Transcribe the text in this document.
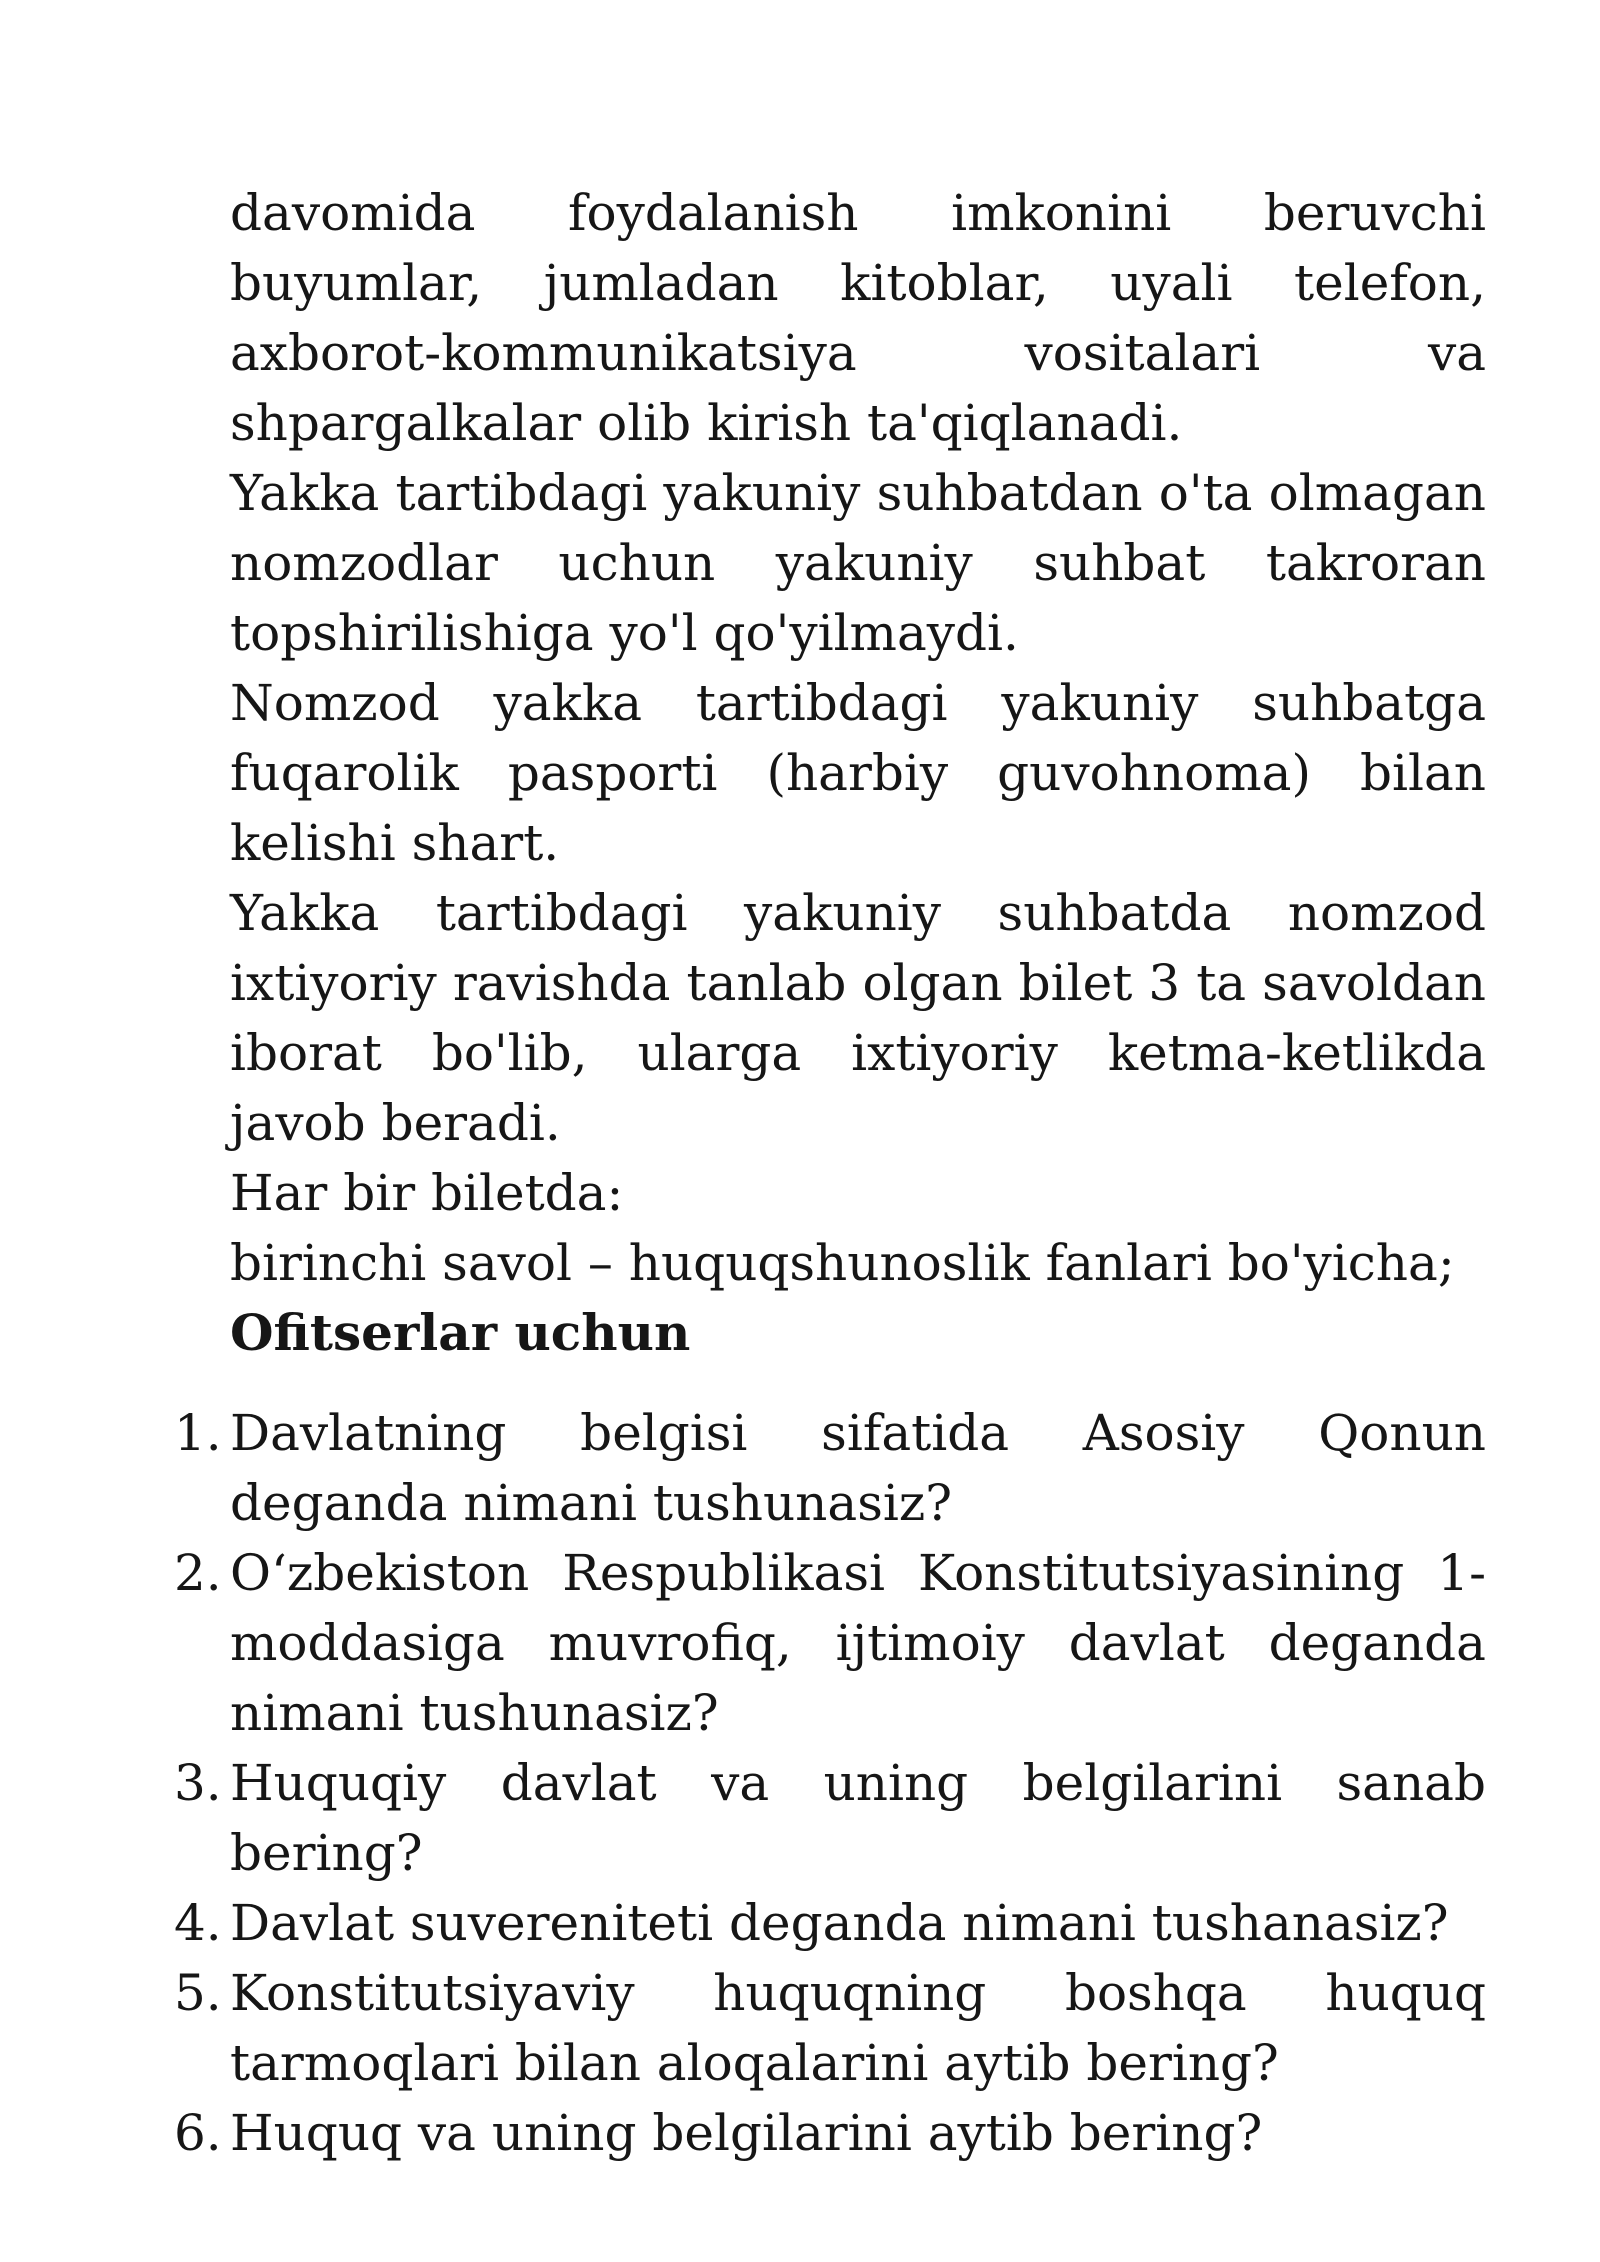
davomida foydalanish imkonini beruvchi buyumlar, jumladan kitoblar, uyali telefon, axborot-kommunikatsiya vositalari va shpargalkalar olib kirish ta'qiqlanadi.

Yakka tartibdagi yakuniy suhbatdan o'ta olmagan nomzodlar uchun yakuniy suhbat takroran topshirilishiga yo'l qo'yilmaydi.

Nomzod yakka tartibdagi yakuniy suhbatga fuqarolik pasporti (harbiy guvohnoma) bilan kelishi shart.

Yakka tartibdagi yakuniy suhbatda nomzod ixtiyoriy ravishda tanlab olgan bilet 3 ta savoldan iborat bo'lib, ularga ixtiyoriy ketma-ketlikda javob beradi.

Har bir biletda:

birinchi savol – huquqshunoslik fanlari bo'yicha;

Ofitserlar uchun

1. Davlatning belgisi sifatida Asosiy Qonun deganda nimani tushunasiz?
2. O‘zbekiston Respublikasi Konstitutsiyasining 1-moddasiga muvrofiq, ijtimoiy davlat deganda nimani tushunasiz?
3. Huquqiy davlat va uning belgilarini sanab bering?
4. Davlat suvereniteti deganda nimani tushanasiz?
5. Konstitutsiyaviy huquqning boshqa huquq tarmoqlari bilan aloqalarini aytib bering?
6. Huquq va uning belgilarini aytib bering?
